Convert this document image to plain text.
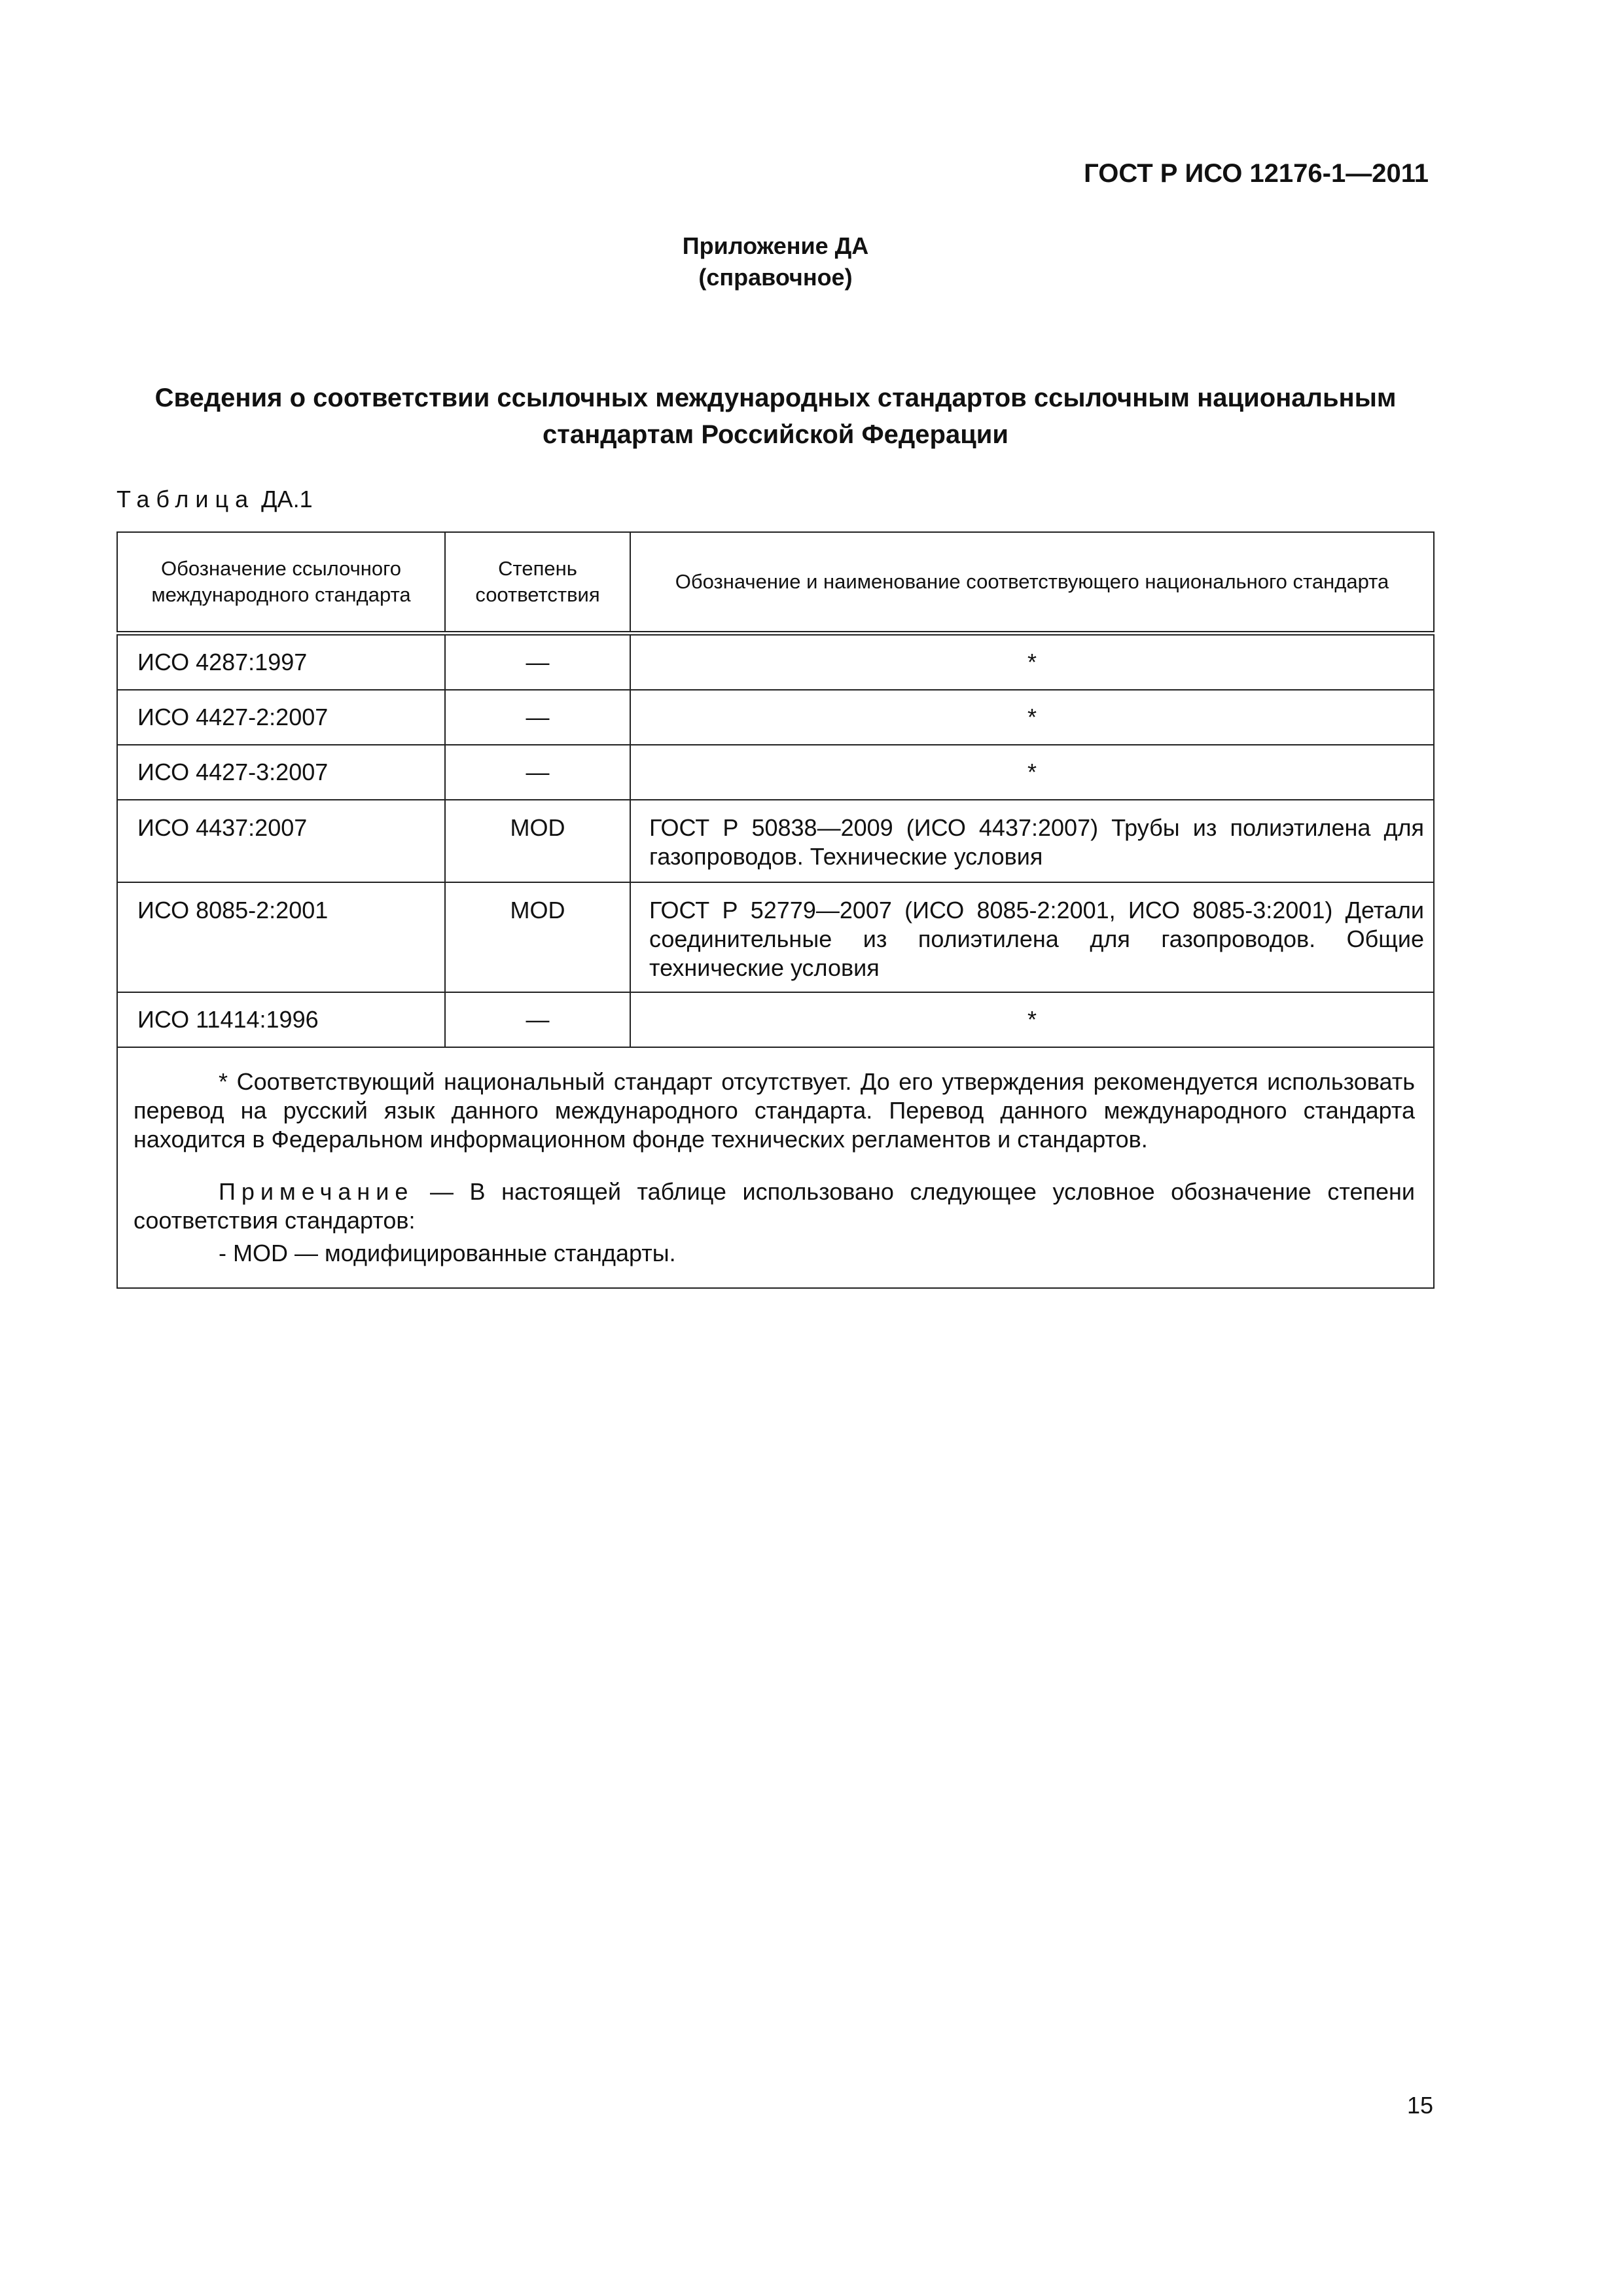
ГОСТ Р ИСО 12176-1—2011
Приложение ДА
(справочное)
Сведения о соответствии ссылочных международных стандартов ссылочным национальным
стандартам Российской Федерации
Таблица ДА.1
Обозначение ссылочного международного стандарта	Степень соответствия	Обозначение и наименование соответствующего национального стандарта
ИСО 4287:1997	—	*
ИСО 4427-2:2007	—	*
ИСО 4427-3:2007	—	*
ИСО 4437:2007	MOD	ГОСТ Р 50838—2009 (ИСО 4437:2007) Трубы из полиэтилена для газопроводов. Технические условия
ИСО 8085-2:2001	MOD	ГОСТ Р 52779—2007 (ИСО 8085-2:2001, ИСО 8085-3:2001) Детали соединительные из полиэтилена для газопроводов. Общие технические условия
ИСО 11414:1996	—	*

* Соответствующий национальный стандарт отсутствует. До его утверждения рекомендуется использовать перевод на русский язык данного международного стандарта. Перевод данного международного стандарта находится в Федеральном информационном фонде технических регламентов и стандартов.

Примечание — В настоящей таблице использовано следующее условное обозначение степени соответствия стандартов:

- MOD — модифицированные стандарты.		
15
